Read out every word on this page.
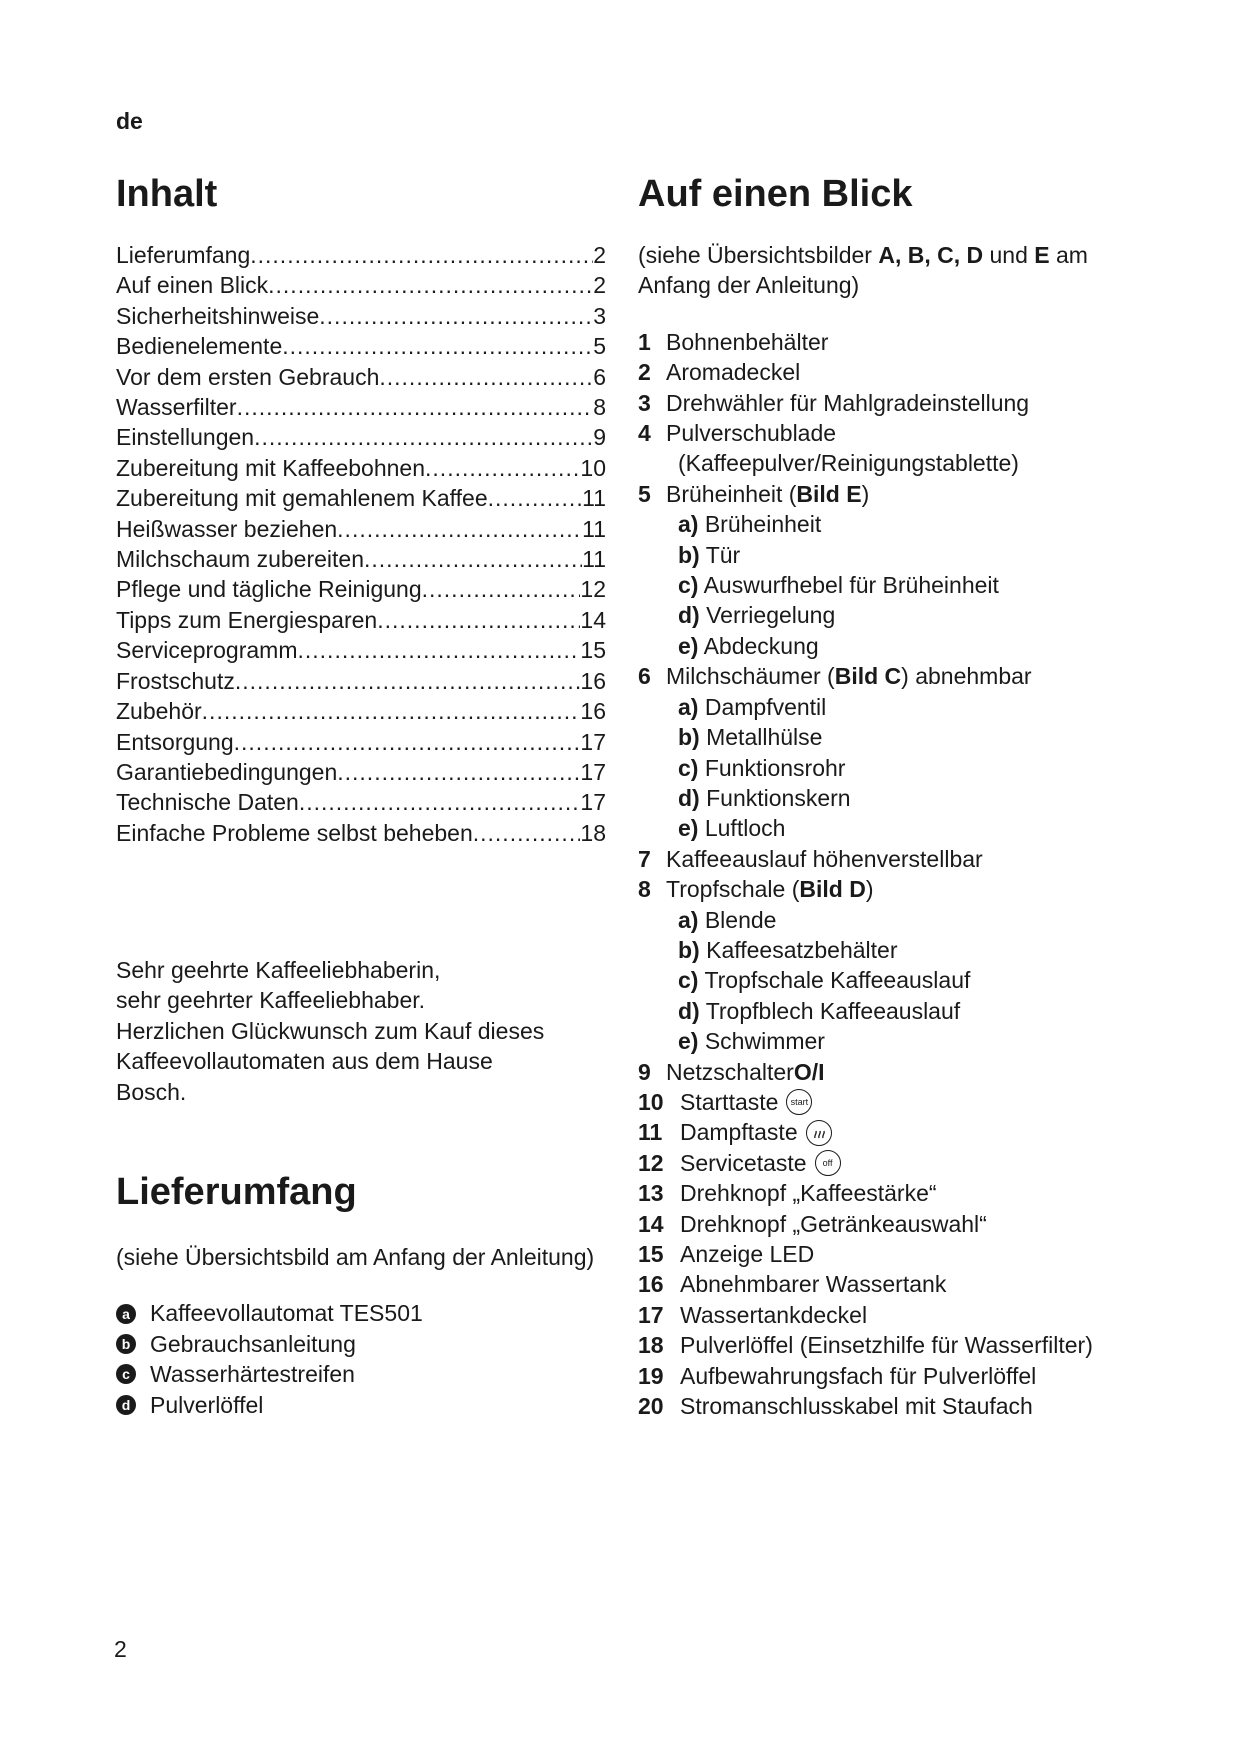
de
Inhalt
Lieferumfang .....	2
Auf einen Blick .....	2
Sicherheitshinweise .....	3
Bedienelemente .....	5
Vor dem ersten Gebrauch .....	6
Wasserfilter .....	8
Einstellungen .....	9
Zubereitung mit Kaffeebohnen .....	10
Zubereitung mit gemahlenem Kaffee .....	11
Heißwasser beziehen .....	11
Milchschaum zubereiten .....	11
Pflege und tägliche Reinigung .....	12
Tipps zum Energiesparen .....	14
Serviceprogramm .....	15
Frostschutz .....	16
Zubehör .....	16
Entsorgung .....	17
Garantiebedingungen .....	17
Technische Daten .....	17
Einfache Probleme selbst beheben .....	18
Sehr geehrte Kaffeeliebhaberin,
sehr geehrter Kaffeeliebhaber.
Herzlichen Glückwunsch zum Kauf dieses
Kaffeevollautomaten aus dem Hause
Bosch.
Lieferumfang
(siehe Übersichtsbild am Anfang der Anleitung)
a Kaffeevollautomat TES501
b Gebrauchsanleitung
c Wasserhärtestreifen
d Pulverlöffel
Auf einen Blick
(siehe Übersichtsbilder A, B, C, D und E am
Anfang der Anleitung)
1 Bohnenbehälter
2 Aromadeckel
3 Drehwähler für Mahlgradeinstellung
4 Pulverschublade
(Kaffeepulver/Reinigungstablette)
5 Brüheinheit ( Bild E )
a) Brüheinheit
b) Tür
c) Auswurfhebel für Brüheinheit
d) Verriegelung
e) Abdeckung
6 Milchschäumer ( Bild C ) abnehmbar
a) Dampfventil
b) Metallhülse
c) Funktionsrohr
d) Funktionskern
e) Luftloch
7 Kaffeeauslauf höhenverstellbar
8 Tropfschale ( Bild D )
a) Blende
b) Kaffeesatzbehälter
c) Tropfschale Kaffeeauslauf
d) Tropfblech Kaffeeauslauf
e) Schwimmer
9 Netzschalter O/I
10 Starttaste	start
11 Dampftaste
12 Servicetaste	off
13 Drehknopf „Kaffeestärke“
14 Drehknopf „Getränkeauswahl“
15 Anzeige LED
16 Abnehmbarer Wassertank
17 Wassertankdeckel
18 Pulverlöffel (Einsetzhilfe für Wasserfilter)
19 Aufbewahrungsfach für Pulverlöffel
20 Stromanschlusskabel mit Staufach
2
